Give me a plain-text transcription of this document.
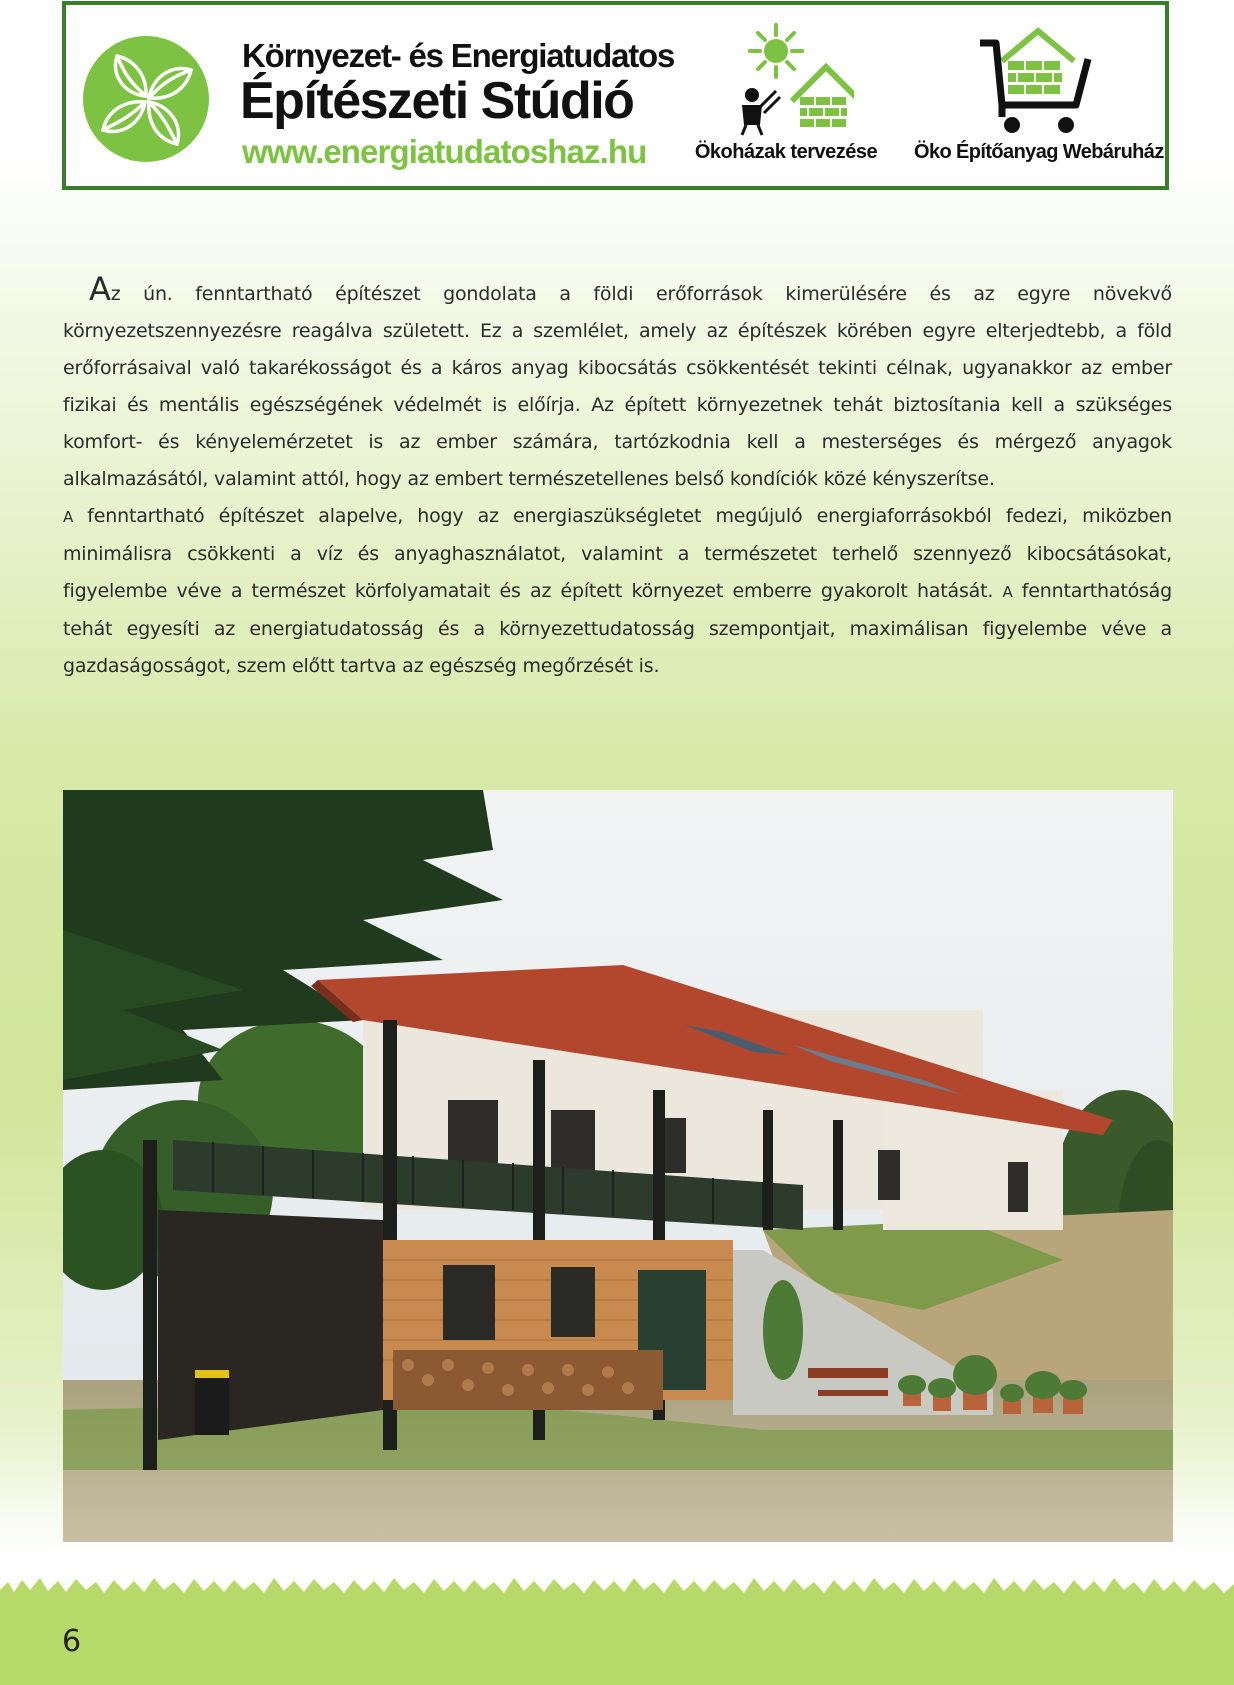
Környezet- és Energiatudatos
Építészeti Stúdió
www.energiatudatoshaz.hu	Ökoházak tervezése	Öko Építőanyag Webáruház

Az ún. fenntartható építészet gondolata a földi erőforrások kimerülésére és az egyre növekvő környezetszennyezésre reagálva született. Ez a szemlélet, amely az építészek körében egyre elterjedtebb, a föld erőforrásaival való takarékosságot és a káros anyag kibocsátás csökkentését tekinti célnak, ugyanakkor az ember fizikai és mentális egészségének védelmét is előírja. Az épített környezetnek tehát biztosítania kell a szükséges komfort- és kényelemérzetet is az ember számára, tartózkodnia kell a mesterséges és mérgező anyagok alkalmazásától, valamint attól, hogy az embert természetellenes belső kondíciók közé kényszerítse.

A fenntartható építészet alapelve, hogy az energiaszükségletet megújuló energiaforrásokból fedezi, miközben minimálisra csökkenti a víz és anyaghasználatot, valamint a természetet terhelő szennyező kibocsátásokat, figyelembe véve a természet körfolyamatait és az épített környezet emberre gyakorolt hatását. A fenntarthatóság tehát egyesíti az energiatudatosság és a környezettudatosság szempontjait, maximálisan figyelembe véve a gazdaságosságot, szem előtt tartva az egészség megőrzését is.

6
